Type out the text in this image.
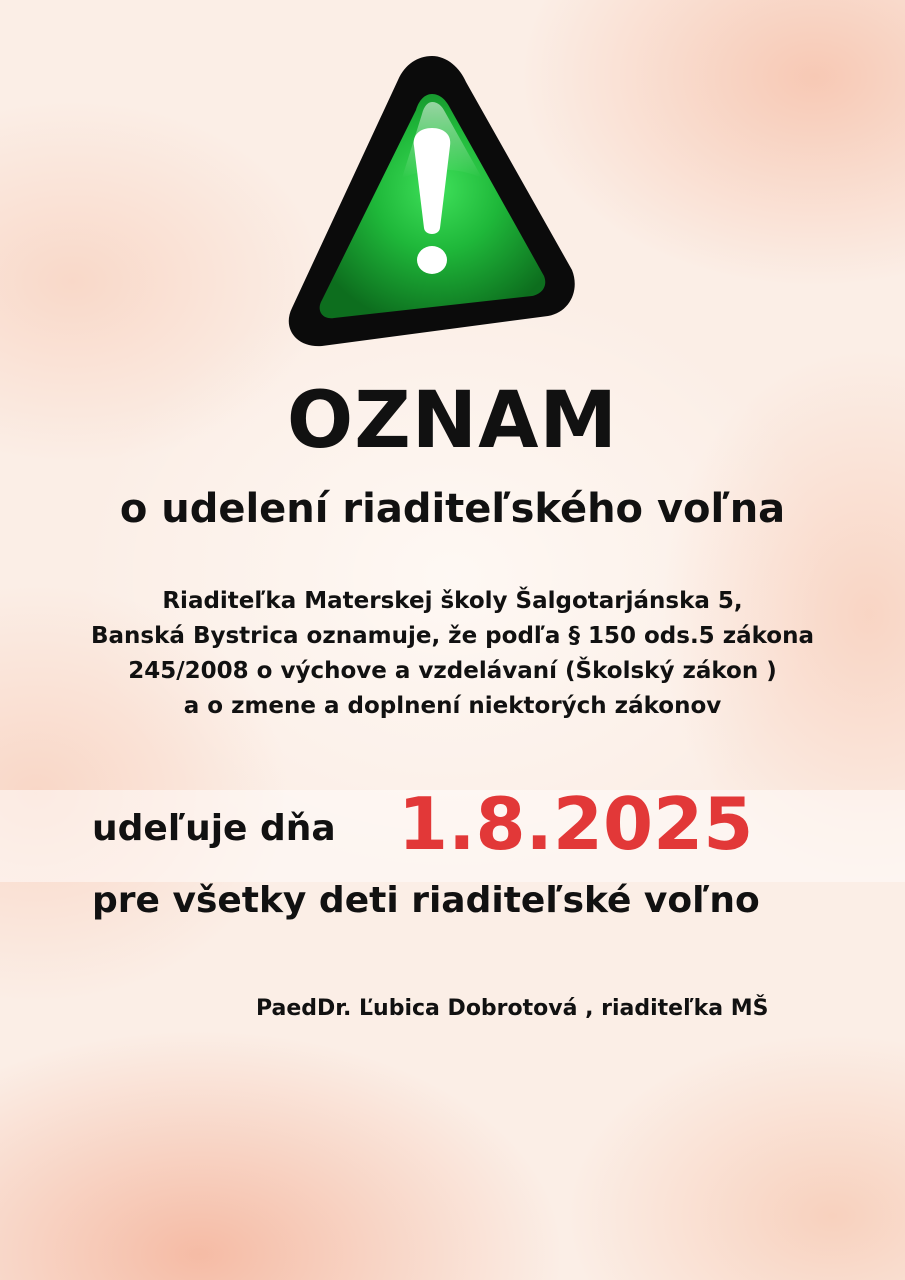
OZNAM
o udelení riaditeľského voľna
Riaditeľka Materskej školy Šalgotarjánska 5,
Banská Bystrica oznamuje, že podľa § 150 ods.5 zákona
245/2008 o výchove a vzdelávaní (Školský zákon )
a o zmene a doplnení niektorých zákonov
udeľuje dňa 1.8.2025
pre všetky deti riaditeľské voľno
PaedDr. Ľubica Dobrotová , riaditeľka MŠ
